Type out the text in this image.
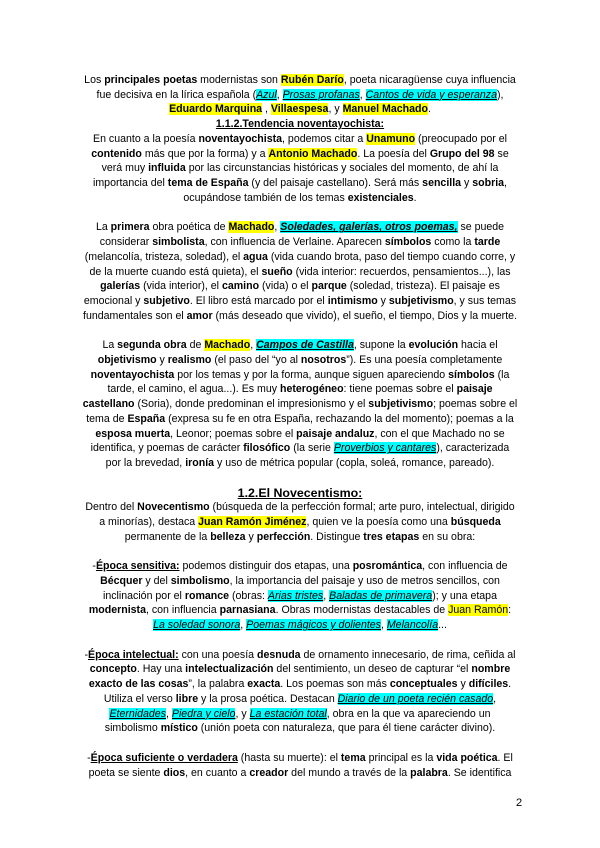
Los principales poetas modernistas son Rubén Darío, poeta nicaragüense cuya influencia
fue decisiva en la lírica española (Azul, Prosas profanas, Cantos de vida y esperanza),
Eduardo Marquina , Villaespesa, y Manuel Machado.
1.1.2.Tendencia noventayochista:
En cuanto a la poesía noventayochista, podemos citar a Unamuno (preocupado por el
contenido más que por la forma) y a Antonio Machado. La poesía del Grupo del 98 se
verá muy influida por las circunstancias históricas y sociales del momento, de ahí la
importancia del tema de España (y del paisaje castellano). Será más sencilla y sobria,
ocupándose también de los temas existenciales.
La primera obra poética de Machado, Soledades, galerías, otros poemas, se puede
considerar simbolista, con influencia de Verlaine. Aparecen símbolos como la tarde
(melancolía, tristeza, soledad), el agua (vida cuando brota, paso del tiempo cuando corre, y
de la muerte cuando está quieta), el sueño (vida interior: recuerdos, pensamientos...), las
galerías (vida interior), el camino (vida) o el parque (soledad, tristeza). El paisaje es
emocional y subjetivo. El libro está marcado por el intimismo y subjetivismo, y sus temas
fundamentales son el amor (más deseado que vivido), el sueño, el tiempo, Dios y la muerte.
La segunda obra de Machado, Campos de Castilla, supone la evolución hacia el
objetivismo y realismo (el paso del “yo al nosotros”). Es una poesía completamente
noventayochista por los temas y por la forma, aunque siguen apareciendo símbolos (la
tarde, el camino, el agua...). Es muy heterogéneo: tiene poemas sobre el paisaje
castellano (Soria), donde predominan el impresionismo y el subjetivismo; poemas sobre el
tema de España (expresa su fe en otra España, rechazando la del momento); poemas a la
esposa muerta, Leonor; poemas sobre el paisaje andaluz, con el que Machado no se
identifica, y poemas de carácter filosófico (la serie Proverbios y cantares), caracterizada
por la brevedad, ironía y uso de métrica popular (copla, soleá, romance, pareado).
1.2.El Novecentismo:
Dentro del Novecentismo (búsqueda de la perfección formal; arte puro, intelectual, dirigido
a minorías), destaca Juan Ramón Jiménez, quien ve la poesía como una búsqueda
permanente de la belleza y perfección. Distingue tres etapas en su obra:
-Época sensitiva: podemos distinguir dos etapas, una posromántica, con influencia de
Bécquer y del simbolismo, la importancia del paisaje y uso de metros sencillos, con
inclinación por el romance (obras: Arias tristes, Baladas de primavera); y una etapa
modernista, con influencia parnasiana. Obras modernistas destacables de Juan Ramón:
La soledad sonora, Poemas mágicos y dolientes, Melancolía...
-Época intelectual: con una poesía desnuda de ornamento innecesario, de rima, ceñida al
concepto. Hay una intelectualización del sentimiento, un deseo de capturar “el nombre
exacto de las cosas”, la palabra exacta. Los poemas son más conceptuales y difíciles.
Utiliza el verso libre y la prosa poética. Destacan Diario de un poeta recién casado,
Eternidades, Piedra y cielo, y La estación total, obra en la que va apareciendo un
simbolismo místico (unión poeta con naturaleza, que para él tiene carácter divino).
-Época suficiente o verdadera (hasta su muerte): el tema principal es la vida poética. El
poeta se siente dios, en cuanto a creador del mundo a través de la palabra. Se identifica
2
